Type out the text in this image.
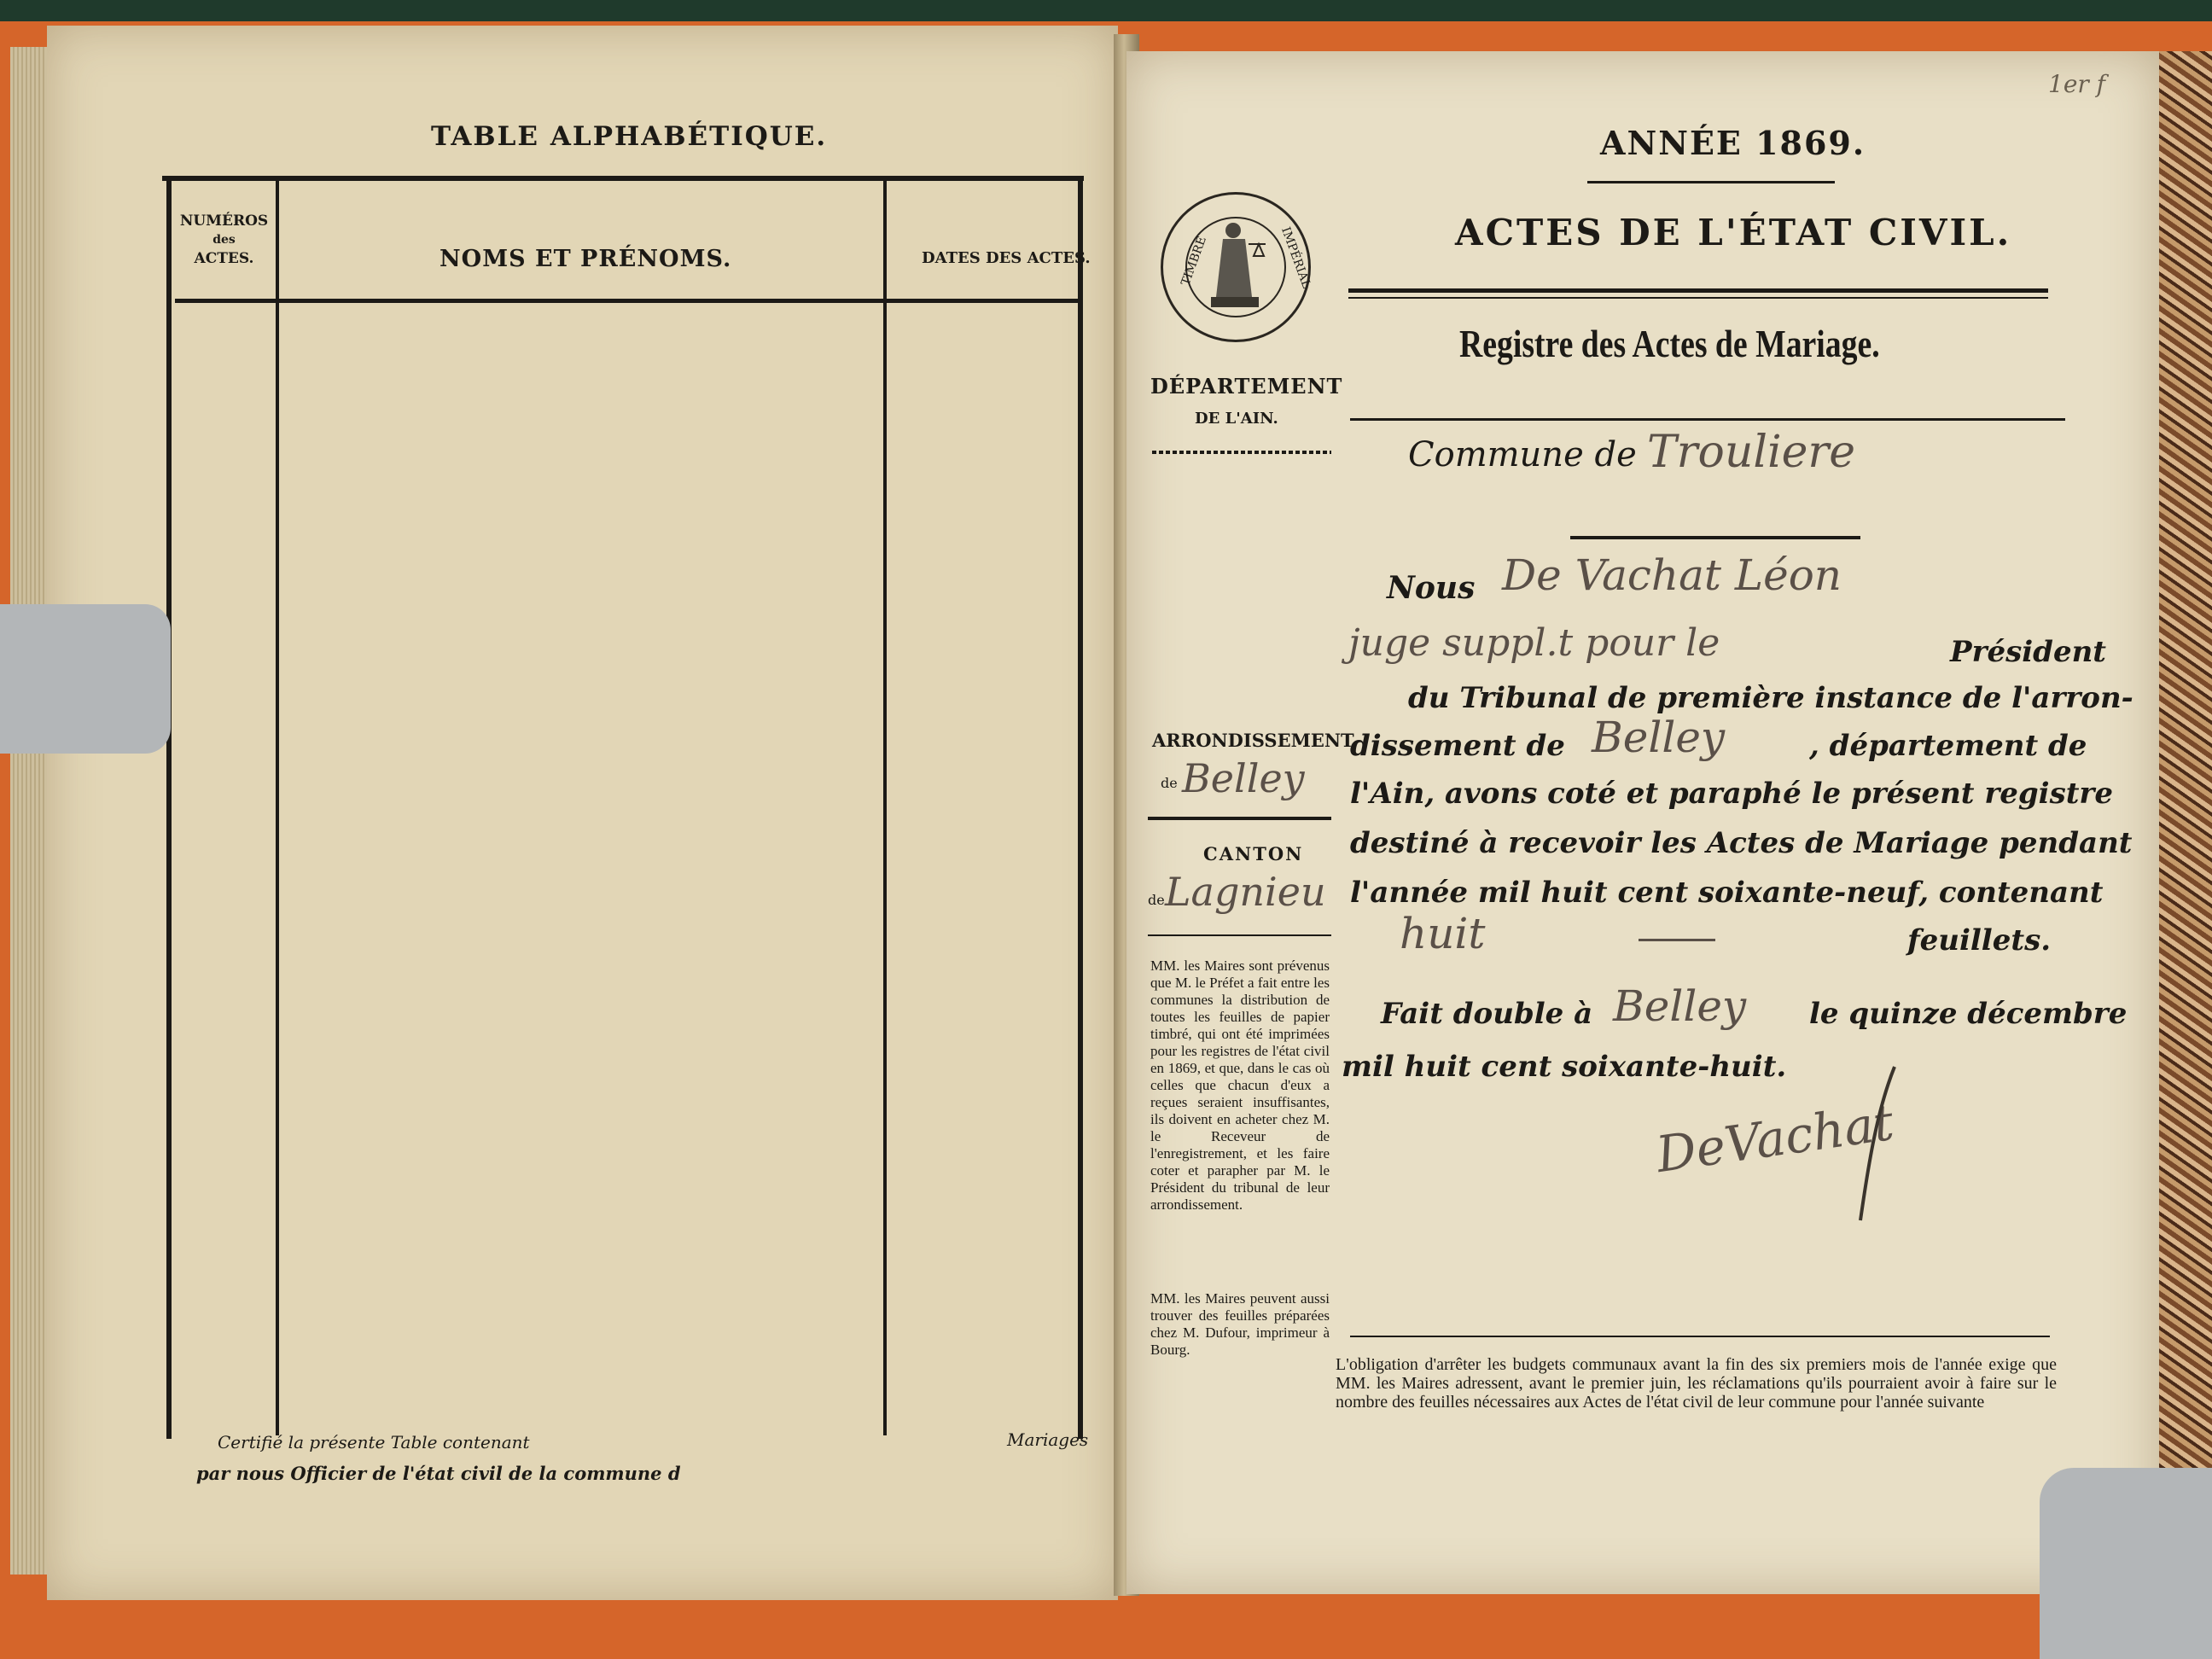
TABLE ALPHABÉTIQUE.
NUMÉROS
des
ACTES.	NOMS ET PRÉNOMS.	DATES DES ACTES.
Certifié la présente Table contenant	Mariages
par nous Officier de l'état civil de la commune d
1er f
TIMBRE	IMPÉRIAL
DÉPARTEMENT
DE L'AIN.
ANNÉE 1869.
ACTES DE L'ÉTAT CIVIL.
Registre des Actes de Mariage.
Commune de Trouliere
Nous De Vachat Léon
juge suppl.t pour le	Président
du Tribunal de première instance de l'arron-
dissement de Belley	, département de
l'Ain, avons coté et paraphé le présent registre
destiné à recevoir les Actes de Mariage pendant
l'année mil huit cent soixante-neuf, contenant
huit	feuillets.
Fait double à Belley le quinze décembre
mil huit cent soixante-huit.
DeVachat
ARRONDISSEMENT
de Belley
CANTON
de Lagnieu
MM. les Maires sont prévenus que M. le Préfet a fait entre les communes la distribution de toutes les feuilles de papier timbré, qui ont été imprimées pour les registres de l'état civil en 1869, et que, dans le cas où celles que chacun d'eux a reçues seraient insuffisantes, ils doivent en acheter chez M. le Receveur de l'enregistrement, et les faire coter et parapher par M. le Président du tribunal de leur arrondissement.
MM. les Maires peuvent aussi trouver des feuilles préparées chez M. Dufour, imprimeur à Bourg.
L'obligation d'arrêter les budgets communaux avant la fin des six premiers mois de l'année exige que MM. les Maires adressent, avant le premier juin, les réclamations qu'ils pourraient avoir à faire sur le nombre des feuilles nécessaires aux Actes de l'état civil de leur commune pour l'année suivante
